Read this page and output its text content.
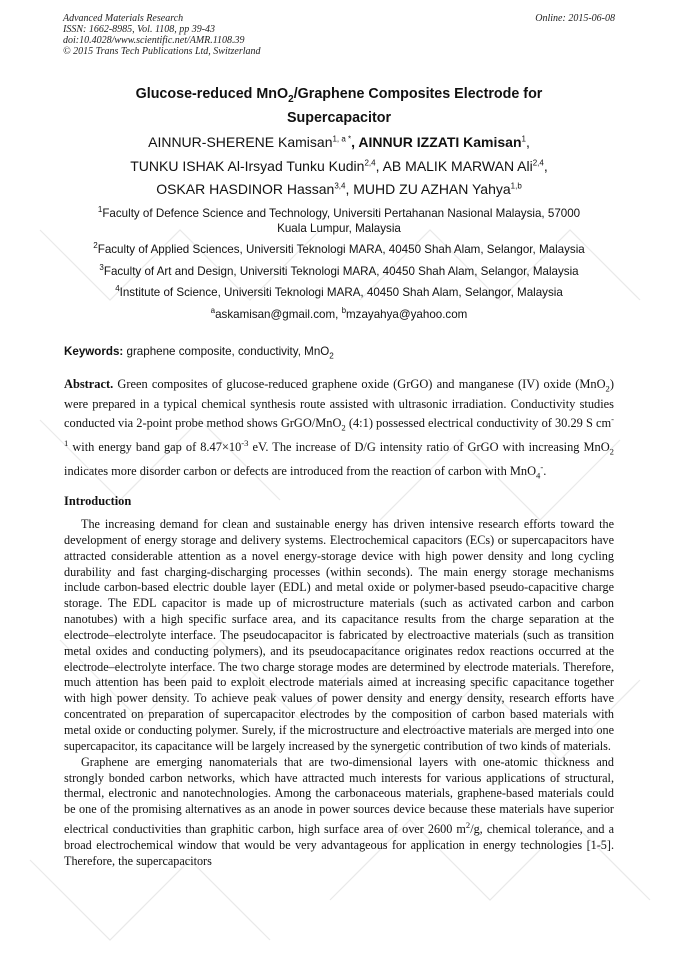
Advanced Materials Research
ISSN: 1662-8985, Vol. 1108, pp 39-43
doi:10.4028/www.scientific.net/AMR.1108.39
© 2015 Trans Tech Publications Ltd, Switzerland
Online: 2015-06-08
Glucose-reduced MnO$_2$/Graphene Composites Electrode for
Supercapacitor
AINNUR-SHERENE Kamisan$^{1, a *}$, AINNUR IZZATI Kamisan$^1$,
TUNKU ISHAK Al-Irsyad Tunku Kudin$^{2,4}$, AB MALIK MARWAN Ali$^{2,4}$,
OSKAR HASDINOR Hassan$^{3,4}$, MUHD ZU AZHAN Yahya$^{1,b}$
$^1$Faculty of Defence Science and Technology, Universiti Pertahanan Nasional Malaysia, 57000
Kuala Lumpur, Malaysia
$^2$Faculty of Applied Sciences, Universiti Teknologi MARA, 40450 Shah Alam, Selangor, Malaysia
$^3$Faculty of Art and Design, Universiti Teknologi MARA, 40450 Shah Alam, Selangor, Malaysia
$^4$Institute of Science, Universiti Teknologi MARA, 40450 Shah Alam, Selangor, Malaysia
$^a$askamisan@gmail.com, $^b$mzayahya@yahoo.com
Keywords: graphene composite, conductivity, MnO$_2$
Abstract. Green composites of glucose-reduced graphene oxide (GrGO) and manganese (IV) oxide (MnO$_2$) were prepared in a typical chemical synthesis route assisted with ultrasonic irradiation. Conductivity studies conducted via 2-point probe method shows GrGO/MnO$_2$ (4:1) possessed electrical conductivity of 30.29 S $cm^{-1}$ with energy band gap of $8.47\times 10^{-3}$ eV. The increase of D/G intensity ratio of GrGO with increasing MnO$_2$ indicates more disorder carbon or defects are introduced from the reaction of carbon with MnO$_4$-.
Introduction

The increasing demand for clean and sustainable energy has driven intensive research efforts toward the development of energy storage and delivery systems. Electrochemical capacitors (ECs) or supercapacitors have attracted considerable attention as a novel energy-storage device with high power density and long cycling durability and fast charging-discharging processes (within seconds). The main energy storage mechanisms include carbon-based electric double layer (EDL) and metal oxide or polymer-based pseudo-capacitive charge storage. The EDL capacitor is made up of microstructure materials (such as activated carbon and carbon nanotubes) with a high specific surface area, and its capacitance results from the charge separation at the electrode–electrolyte interface. The pseudocapacitor is fabricated by electroactive materials (such as transition metal oxides and conducting polymers), and its pseudocapacitance originates redox reactions occurred at the electrode–electrolyte interface. The two charge storage modes are determined by electrode materials. Therefore, much attention has been paid to exploit electrode materials aimed at increasing specific capacitance together with high power density. To achieve peak values of power density and energy density, research efforts have concentrated on preparation of supercapacitor electrodes by the composition of carbon based materials with metal oxide or conducting polymer. Surely, if the microstructure and electroactive materials are merged into one supercapacitor, its capacitance will be largely increased by the synergetic contribution of two kinds of materials.

Graphene are emerging nanomaterials that are two-dimensional layers with one-atomic thickness and strongly bonded carbon networks, which have attracted much interests for various applications of structural, thermal, electronic and nanotechnologies. Among the carbonaceous materials, graphene-based materials could be one of the promising alternatives as an anode in power sources device because these materials have superior electrical conductivities than graphitic carbon, high surface area of over 2600 $m^2/g$, chemical tolerance, and a broad electrochemical window that would be very advantageous for application in energy technologies [1-5]. Therefore, the supercapacitors
